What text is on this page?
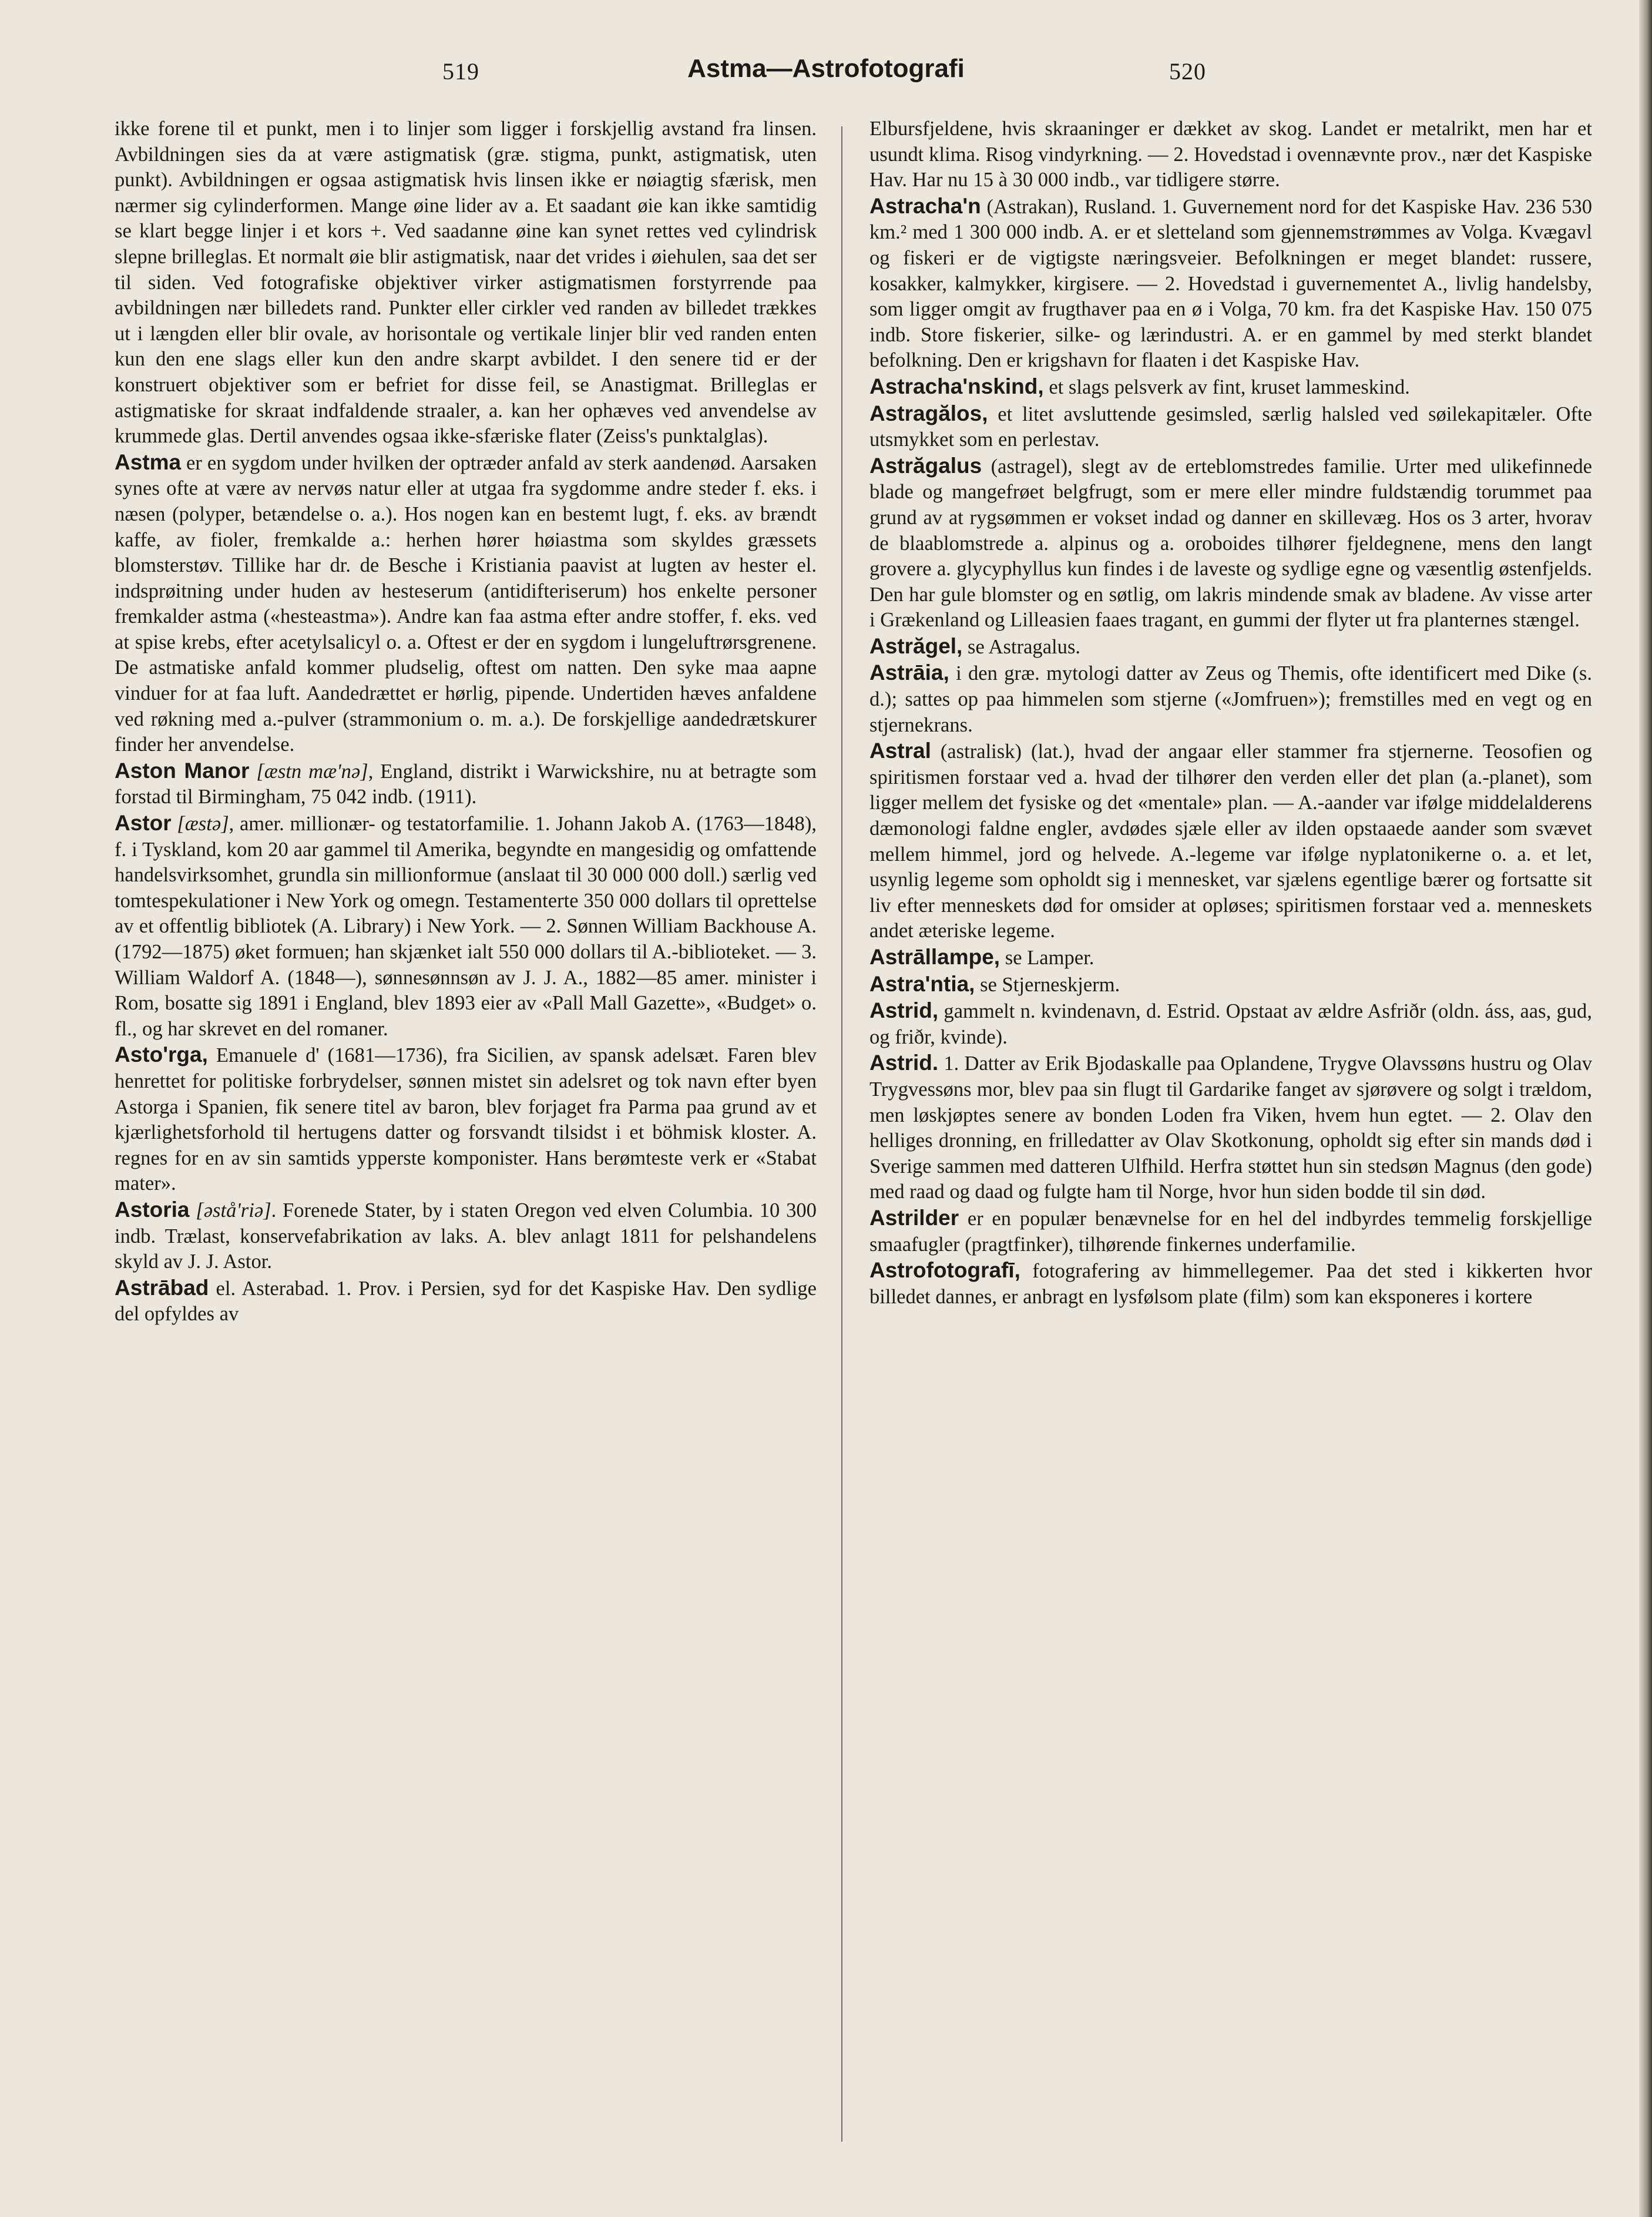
519	Astma—Astrofotografi	520

ikke forene til et punkt, men i to linjer som ligger i forskjellig avstand fra linsen. Avbildningen sies da at være astigmatisk (græ. stigma, punkt, astigmatisk, uten punkt). Avbildningen er ogsaa astigmatisk hvis linsen ikke er nøiagtig sfærisk, men nærmer sig cylinderformen. Mange øine lider av a. Et saadant øie kan ikke samtidig se klart begge linjer i et kors +. Ved saadanne øine kan synet rettes ved cylindrisk slepne brilleglas. Et normalt øie blir astigmatisk, naar det vrides i øiehulen, saa det ser til siden. Ved fotografiske objektiver virker astigmatismen forstyrrende paa avbildningen nær billedets rand. Punkter eller cirkler ved randen av billedet trækkes ut i længden eller blir ovale, av horisontale og vertikale linjer blir ved randen enten kun den ene slags eller kun den andre skarpt avbildet. I den senere tid er der konstruert objektiver som er befriet for disse feil, se Anastigmat. Brilleglas er astigmatiske for skraat indfaldende straaler, a. kan her ophæves ved anvendelse av krummede glas. Dertil anvendes ogsaa ikke-sfæriske flater (Zeiss's punktalglas).

Astma er en sygdom under hvilken der optræder anfald av sterk aandenød. Aarsaken synes ofte at være av nervøs natur eller at utgaa fra sygdomme andre steder f. eks. i næsen (polyper, betændelse o. a.). Hos nogen kan en bestemt lugt, f. eks. av brændt kaffe, av fioler, fremkalde a.: herhen hører høiastma som skyldes græssets blomsterstøv. Tillike har dr. de Besche i Kristiania paavist at lugten av hester el. indsprøitning under huden av hesteserum (antidifteriserum) hos enkelte personer fremkalder astma («hesteastma»). Andre kan faa astma efter andre stoffer, f. eks. ved at spise krebs, efter acetylsalicyl o. a. Oftest er der en sygdom i lungeluftrørsgrenene. De astmatiske anfald kommer pludselig, oftest om natten. Den syke maa aapne vinduer for at faa luft. Aandedrættet er hørlig, pipende. Undertiden hæves anfaldene ved røkning med a.-pulver (strammonium o. m. a.). De forskjellige aandedrætskurer finder her anvendelse.

Aston Manor [æstn mæ'nə], England, distrikt i Warwickshire, nu at betragte som forstad til Birmingham, 75 042 indb. (1911).

Astor [æstə], amer. millionær- og testatorfamilie. 1. Johann Jakob A. (1763—1848), f. i Tyskland, kom 20 aar gammel til Amerika, begyndte en mangesidig og omfattende handelsvirksomhet, grundla sin millionformue (anslaat til 30 000 000 doll.) særlig ved tomtespekulationer i New York og omegn. Testamenterte 350 000 dollars til oprettelse av et offentlig bibliotek (A. Library) i New York. — 2. Sønnen William Backhouse A. (1792—1875) øket formuen; han skjænket ialt 550 000 dollars til A.-biblioteket. — 3. William Waldorf A. (1848—), sønnesønnsøn av J. J. A., 1882—85 amer. minister i Rom, bosatte sig 1891 i England, blev 1893 eier av «Pall Mall Gazette», «Budget» o. fl., og har skrevet en del romaner.

Asto'rga, Emanuele d' (1681—1736), fra Sicilien, av spansk adelsæt. Faren blev henrettet for politiske forbrydelser, sønnen mistet sin adelsret og tok navn efter byen Astorga i Spanien, fik senere titel av baron, blev forjaget fra Parma paa grund av et kjærlighetsforhold til hertugens datter og forsvandt tilsidst i et böhmisk kloster. A. regnes for en av sin samtids ypperste komponister. Hans berømteste verk er «Stabat mater».

Astoria [əstå'riə]. Forenede Stater, by i staten Oregon ved elven Columbia. 10 300 indb. Trælast, konservefabrikation av laks. A. blev anlagt 1811 for pelshandelens skyld av J. J. Astor.

Astrābad el. Asterabad. 1. Prov. i Persien, syd for det Kaspiske Hav. Den sydlige del opfyldes av

Elbursfjeldene, hvis skraaninger er dækket av skog. Landet er metalrikt, men har et usundt klima. Risog vindyrkning. — 2. Hovedstad i ovennævnte prov., nær det Kaspiske Hav. Har nu 15 à 30 000 indb., var tidligere større.

Astracha'n (Astrakan), Rusland. 1. Guvernement nord for det Kaspiske Hav. 236 530 km.² med 1 300 000 indb. A. er et sletteland som gjennemstrømmes av Volga. Kvægavl og fiskeri er de vigtigste næringsveier. Befolkningen er meget blandet: russere, kosakker, kalmykker, kirgisere. — 2. Hovedstad i guvernementet A., livlig handelsby, som ligger omgit av frugthaver paa en ø i Volga, 70 km. fra det Kaspiske Hav. 150 075 indb. Store fiskerier, silke- og lærindustri. A. er en gammel by med sterkt blandet befolkning. Den er krigshavn for flaaten i det Kaspiske Hav.

Astracha'nskind, et slags pelsverk av fint, kruset lammeskind.

Astragălos, et litet avsluttende gesimsled, særlig halsled ved søilekapitæler. Ofte utsmykket som en perlestav.

Astrăgalus (astragel), slegt av de erteblomstredes familie. Urter med ulikefinnede blade og mangefrøet belgfrugt, som er mere eller mindre fuldstændig torummet paa grund av at rygsømmen er vokset indad og danner en skillevæg. Hos os 3 arter, hvorav de blaablomstrede a. alpinus og a. oroboides tilhører fjeldegnene, mens den langt grovere a. glycyphyllus kun findes i de laveste og sydlige egne og væsentlig østenfjelds. Den har gule blomster og en søtlig, om lakris mindende smak av bladene. Av visse arter i Grækenland og Lilleasien faaes tragant, en gummi der flyter ut fra planternes stængel.

Astrăgel, se Astragalus.

Astrāia, i den græ. mytologi datter av Zeus og Themis, ofte identificert med Dike (s. d.); sattes op paa himmelen som stjerne («Jomfruen»); fremstilles med en vegt og en stjernekrans.

Astral (astralisk) (lat.), hvad der angaar eller stammer fra stjernerne. Teosofien og spiritismen forstaar ved a. hvad der tilhører den verden eller det plan (a.-planet), som ligger mellem det fysiske og det «mentale» plan. — A.-aander var ifølge middelalderens dæmonologi faldne engler, avdødes sjæle eller av ilden opstaaede aander som svævet mellem himmel, jord og helvede. A.-legeme var ifølge nyplatonikerne o. a. et let, usynlig legeme som opholdt sig i mennesket, var sjælens egentlige bærer og fortsatte sit liv efter menneskets død for omsider at opløses; spiritismen forstaar ved a. menneskets andet æteriske legeme.

Astrāllampe, se Lamper.

Astra'ntia, se Stjerneskjerm.

Astrid, gammelt n. kvindenavn, d. Estrid. Opstaat av ældre Asfriðr (oldn. áss, aas, gud, og friðr, kvinde).

Astrid. 1. Datter av Erik Bjodaskalle paa Oplandene, Trygve Olavssøns hustru og Olav Trygvessøns mor, blev paa sin flugt til Gardarike fanget av sjørøvere og solgt i trældom, men løskjøptes senere av bonden Loden fra Viken, hvem hun egtet. — 2. Olav den helliges dronning, en frilledatter av Olav Skotkonung, opholdt sig efter sin mands død i Sverige sammen med datteren Ulfhild. Herfra støttet hun sin stedsøn Magnus (den gode) med raad og daad og fulgte ham til Norge, hvor hun siden bodde til sin død.

Astrilder er en populær benævnelse for en hel del indbyrdes temmelig forskjellige smaafugler (pragtfinker), tilhørende finkernes underfamilie.

Astrofotografī, fotografering av himmellegemer. Paa det sted i kikkerten hvor billedet dannes, er anbragt en lysfølsom plate (film) som kan eksponeres i kortere
